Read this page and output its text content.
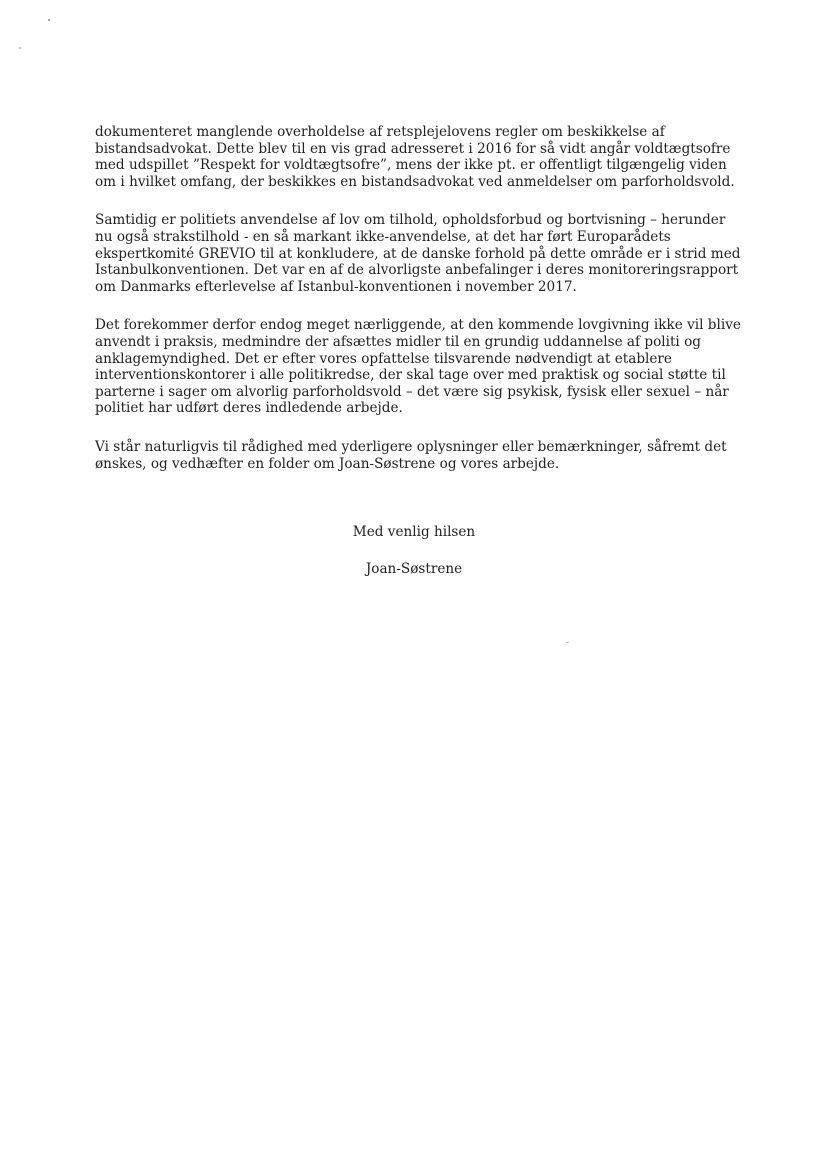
dokumenteret manglende overholdelse af retsplejelovens regler om beskikkelse af bistandsadvokat. Dette blev til en vis grad adresseret i 2016 for så vidt angår voldtægtsofre med udspillet ”Respekt for voldtægtsofre”, mens der ikke pt. er offentligt tilgængelig viden om i hvilket omfang, der beskikkes en bistandsadvokat ved anmeldelser om parforholdsvold.

Samtidig er politiets anvendelse af lov om tilhold, opholdsforbud og bortvisning – herunder nu også strakstilhold - en så markant ikke-anvendelse, at det har ført Europarådets ekspertkomité GREVIO til at konkludere, at de danske forhold på dette område er i strid med Istanbulkonventionen. Det var en af de alvorligste anbefalinger i deres monitoreringsrapport om Danmarks efterlevelse af Istanbul-konventionen i november 2017.

Det forekommer derfor endog meget nærliggende, at den kommende lovgivning ikke vil blive anvendt i praksis, medmindre der afsættes midler til en grundig uddannelse af politi og anklagemyndighed. Det er efter vores opfattelse tilsvarende nødvendigt at etablere interventionskontorer i alle politikredse, der skal tage over med praktisk og social støtte til parterne i sager om alvorlig parforholdsvold – det være sig psykisk, fysisk eller sexuel – når politiet har udført deres indledende arbejde.

Vi står naturligvis til rådighed med yderligere oplysninger eller bemærkninger, såfremt det ønskes, og vedhæfter en folder om Joan-Søstrene og vores arbejde.

Med venlig hilsen
Joan-Søstrene
